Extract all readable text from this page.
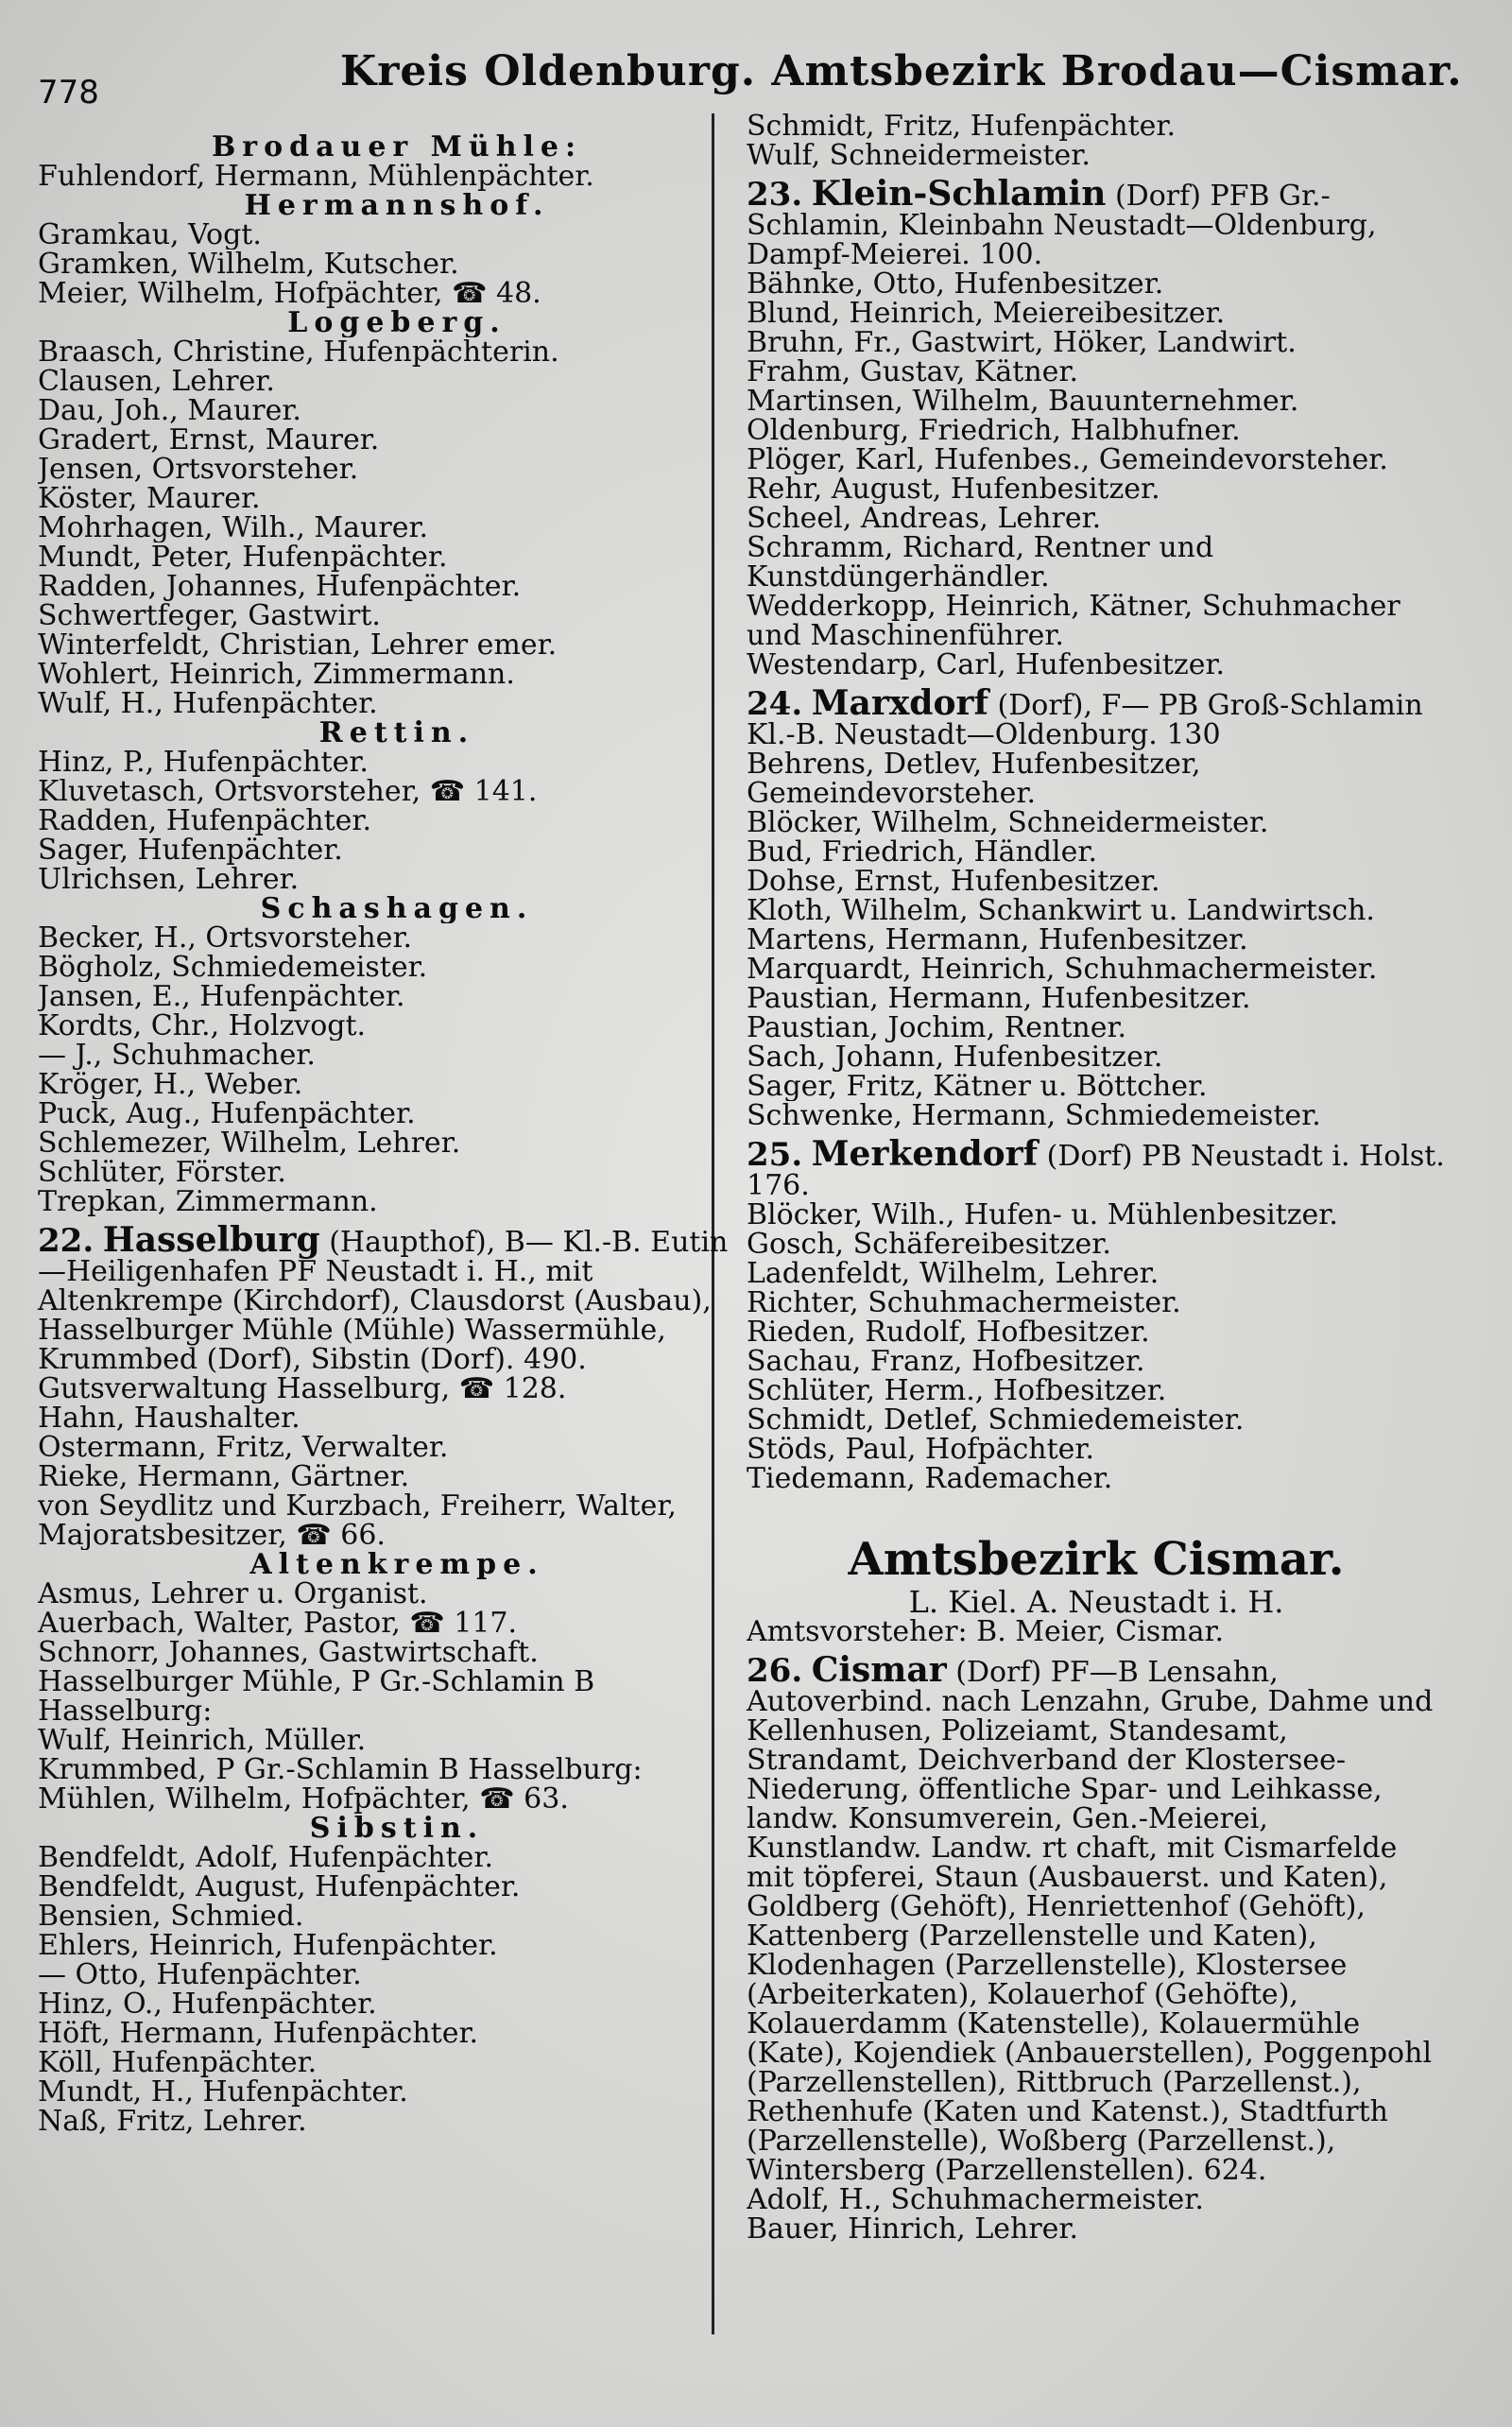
778	Kreis Oldenburg. Amtsbezirk Brodau—Cismar.
Brodauer Mühle:
Fuhlendorf, Hermann, Mühlenpächter.
Hermannshof.
Gramkau, Vogt.
Gramken, Wilhelm, Kutscher.
Meier, Wilhelm, Hofpächter, ☎ 48.
Logeberg.
Braasch, Christine, Hufenpächterin.
Clausen, Lehrer.
Dau, Joh., Maurer.
Gradert, Ernst, Maurer.
Jensen, Ortsvorsteher.
Köster, Maurer.
Mohrhagen, Wilh., Maurer.
Mundt, Peter, Hufenpächter.
Radden, Johannes, Hufenpächter.
Schwertfeger, Gastwirt.
Winterfeldt, Christian, Lehrer emer.
Wohlert, Heinrich, Zimmermann.
Wulf, H., Hufenpächter.
Rettin.
Hinz, P., Hufenpächter.
Kluvetasch, Ortsvorsteher, ☎ 141.
Radden, Hufenpächter.
Sager, Hufenpächter.
Ulrichsen, Lehrer.
Schashagen.
Becker, H., Ortsvorsteher.
Bögholz, Schmiedemeister.
Jansen, E., Hufenpächter.
Kordts, Chr., Holzvogt.
— J., Schuhmacher.
Kröger, H., Weber.
Puck, Aug., Hufenpächter.
Schlemezer, Wilhelm, Lehrer.
Schlüter, Förster.
Trepkan, Zimmermann.
22. Hasselburg (Haupthof), B— Kl.-B. Eutin—Heiligenhafen PF Neustadt i. H., mit Altenkrempe (Kirchdorf), Clausdorst (Ausbau), Hasselburger Mühle (Mühle) Wassermühle, Krummbed (Dorf), Sibstin (Dorf). 490.
Gutsverwaltung Hasselburg, ☎ 128.
Hahn, Haushalter.
Ostermann, Fritz, Verwalter.
Rieke, Hermann, Gärtner.
von Seydlitz und Kurzbach, Freiherr, Walter, Majoratsbesitzer, ☎ 66.
Altenkrempe.
Asmus, Lehrer u. Organist.
Auerbach, Walter, Pastor, ☎ 117.
Schnorr, Johannes, Gastwirtschaft.
Hasselburger Mühle, P Gr.-Schlamin B Hasselburg:
Wulf, Heinrich, Müller.
Krummbed, P Gr.-Schlamin B Hasselburg:
Mühlen, Wilhelm, Hofpächter, ☎ 63.
Sibstin.
Bendfeldt, Adolf, Hufenpächter.
Bendfeldt, August, Hufenpächter.
Bensien, Schmied.
Ehlers, Heinrich, Hufenpächter.
— Otto, Hufenpächter.
Hinz, O., Hufenpächter.
Höft, Hermann, Hufenpächter.
Köll, Hufenpächter.
Mundt, H., Hufenpächter.
Naß, Fritz, Lehrer.
Schmidt, Fritz, Hufenpächter.
Wulf, Schneidermeister.
23. Klein-Schlamin (Dorf) PFB Gr.-Schlamin, Kleinbahn Neustadt—Oldenburg, Dampf-Meierei. 100.
Bähnke, Otto, Hufenbesitzer.
Blund, Heinrich, Meiereibesitzer.
Bruhn, Fr., Gastwirt, Höker, Landwirt.
Frahm, Gustav, Kätner.
Martinsen, Wilhelm, Bauunternehmer.
Oldenburg, Friedrich, Halbhufner.
Plöger, Karl, Hufenbes., Gemeindevorsteher.
Rehr, August, Hufenbesitzer.
Scheel, Andreas, Lehrer.
Schramm, Richard, Rentner und Kunstdüngerhändler.
Wedderkopp, Heinrich, Kätner, Schuhmacher und Maschinenführer.
Westendarp, Carl, Hufenbesitzer.
24. Marxdorf (Dorf), F— PB Groß-Schlamin Kl.-B. Neustadt—Oldenburg. 130
Behrens, Detlev, Hufenbesitzer, Gemeindevorsteher.
Blöcker, Wilhelm, Schneidermeister.
Bud, Friedrich, Händler.
Dohse, Ernst, Hufenbesitzer.
Kloth, Wilhelm, Schankwirt u. Landwirtsch.
Martens, Hermann, Hufenbesitzer.
Marquardt, Heinrich, Schuhmachermeister.
Paustian, Hermann, Hufenbesitzer.
Paustian, Jochim, Rentner.
Sach, Johann, Hufenbesitzer.
Sager, Fritz, Kätner u. Böttcher.
Schwenke, Hermann, Schmiedemeister.
25. Merkendorf (Dorf) PB Neustadt i. Holst. 176.
Blöcker, Wilh., Hufen- u. Mühlenbesitzer.
Gosch, Schäfereibesitzer.
Ladenfeldt, Wilhelm, Lehrer.
Richter, Schuhmachermeister.
Rieden, Rudolf, Hofbesitzer.
Sachau, Franz, Hofbesitzer.
Schlüter, Herm., Hofbesitzer.
Schmidt, Detlef, Schmiedemeister.
Stöds, Paul, Hofpächter.
Tiedemann, Rademacher.
Amtsbezirk Cismar.
L. Kiel. A. Neustadt i. H.
Amtsvorsteher: B. Meier, Cismar.
26. Cismar (Dorf) PF—B Lensahn, Autoverbind. nach Lenzahn, Grube, Dahme und Kellenhusen, Polizeiamt, Standesamt, Strandamt, Deichverband der Klostersee-Niederung, öffentliche Spar- und Leihkasse, landw. Konsumverein, Gen.-Meierei, Kunstlandw. Landw. rt chaft, mit Cismarfelde mit töpferei, Staun (Ausbauerst. und Katen), Goldberg (Gehöft), Henriettenhof (Gehöft), Kattenberg (Parzellenstelle und Katen), Klodenhagen (Parzellenstelle), Klostersee (Arbeiterkaten), Kolauerhof (Gehöfte), Kolauerdamm (Katenstelle), Kolauermühle (Kate), Kojendiek (Anbauerstellen), Poggenpohl (Parzellenstellen), Rittbruch (Parzellenst.), Rethenhufe (Katen und Katenst.), Stadtfurth (Parzellenstelle), Woßberg (Parzellenst.), Wintersberg (Parzellenstellen). 624.
Adolf, H., Schuhmachermeister.
Bauer, Hinrich, Lehrer.
